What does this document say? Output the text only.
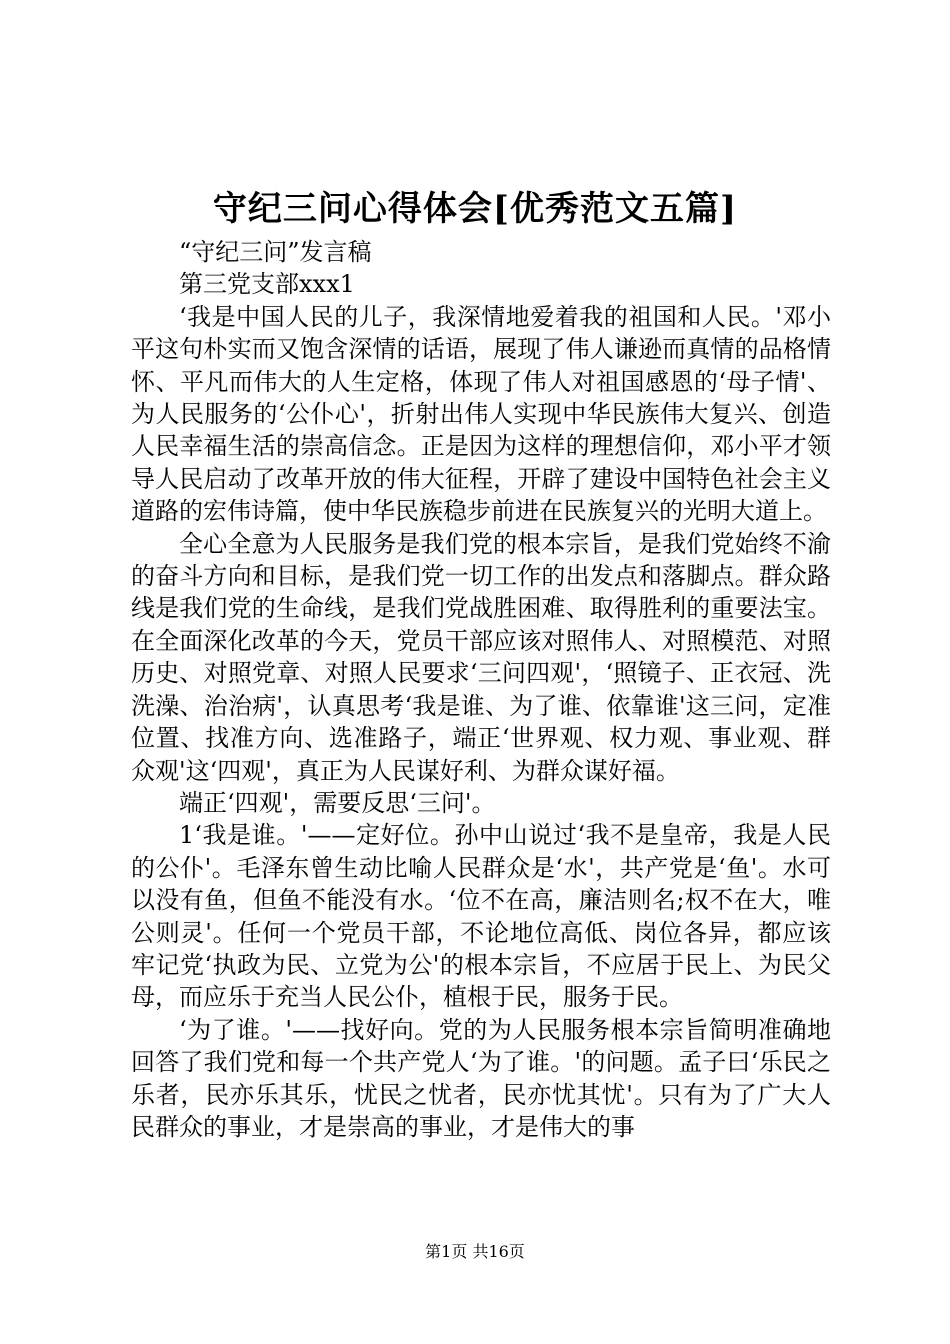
守纪三问心得体会[优秀范文五篇]

“守纪三问”发言稿

第三党支部xxx1

‘我是中国人民的儿子，我深情地爱着我的祖国和人民。'邓小平这句朴实而又饱含深情的话语，展现了伟人谦逊而真情的品格情怀、平凡而伟大的人生定格，体现了伟人对祖国感恩的‘母子情'、为人民服务的‘公仆心'，折射出伟人实现中华民族伟大复兴、创造人民幸福生活的崇高信念。正是因为这样的理想信仰，邓小平才领导人民启动了改革开放的伟大征程，开辟了建设中国特色社会主义道路的宏伟诗篇，使中华民族稳步前进在民族复兴的光明大道上。

全心全意为人民服务是我们党的根本宗旨，是我们党始终不渝的奋斗方向和目标，是我们党一切工作的出发点和落脚点。群众路线是我们党的生命线，是我们党战胜困难、取得胜利的重要法宝。在全面深化改革的今天，党员干部应该对照伟人、对照模范、对照历史、对照党章、对照人民要求‘三问四观'，‘照镜子、正衣冠、洗洗澡、治治病'，认真思考‘我是谁、为了谁、依靠谁'这三问，定准位置、找准方向、选准路子，端正‘世界观、权力观、事业观、群众观'这‘四观'，真正为人民谋好利、为群众谋好福。

端正‘四观'，需要反思‘三问'。

1‘我是谁。'——定好位。孙中山说过‘我不是皇帝，我是人民的公仆'。毛泽东曾生动比喻人民群众是‘水'，共产党是‘鱼'。水可以没有鱼，但鱼不能没有水。‘位不在高，廉洁则名;权不在大，唯公则灵'。任何一个党员干部，不论地位高低、岗位各异，都应该牢记党‘执政为民、立党为公'的根本宗旨，不应居于民上、为民父母，而应乐于充当人民公仆，植根于民，服务于民。

‘为了谁。'——找好向。党的为人民服务根本宗旨简明准确地回答了我们党和每一个共产党人‘为了谁。'的问题。孟子曰‘乐民之乐者，民亦乐其乐，忧民之忧者，民亦忧其忧'。只有为了广大人民群众的事业，才是崇高的事业，才是伟大的事

第1页 共16页
